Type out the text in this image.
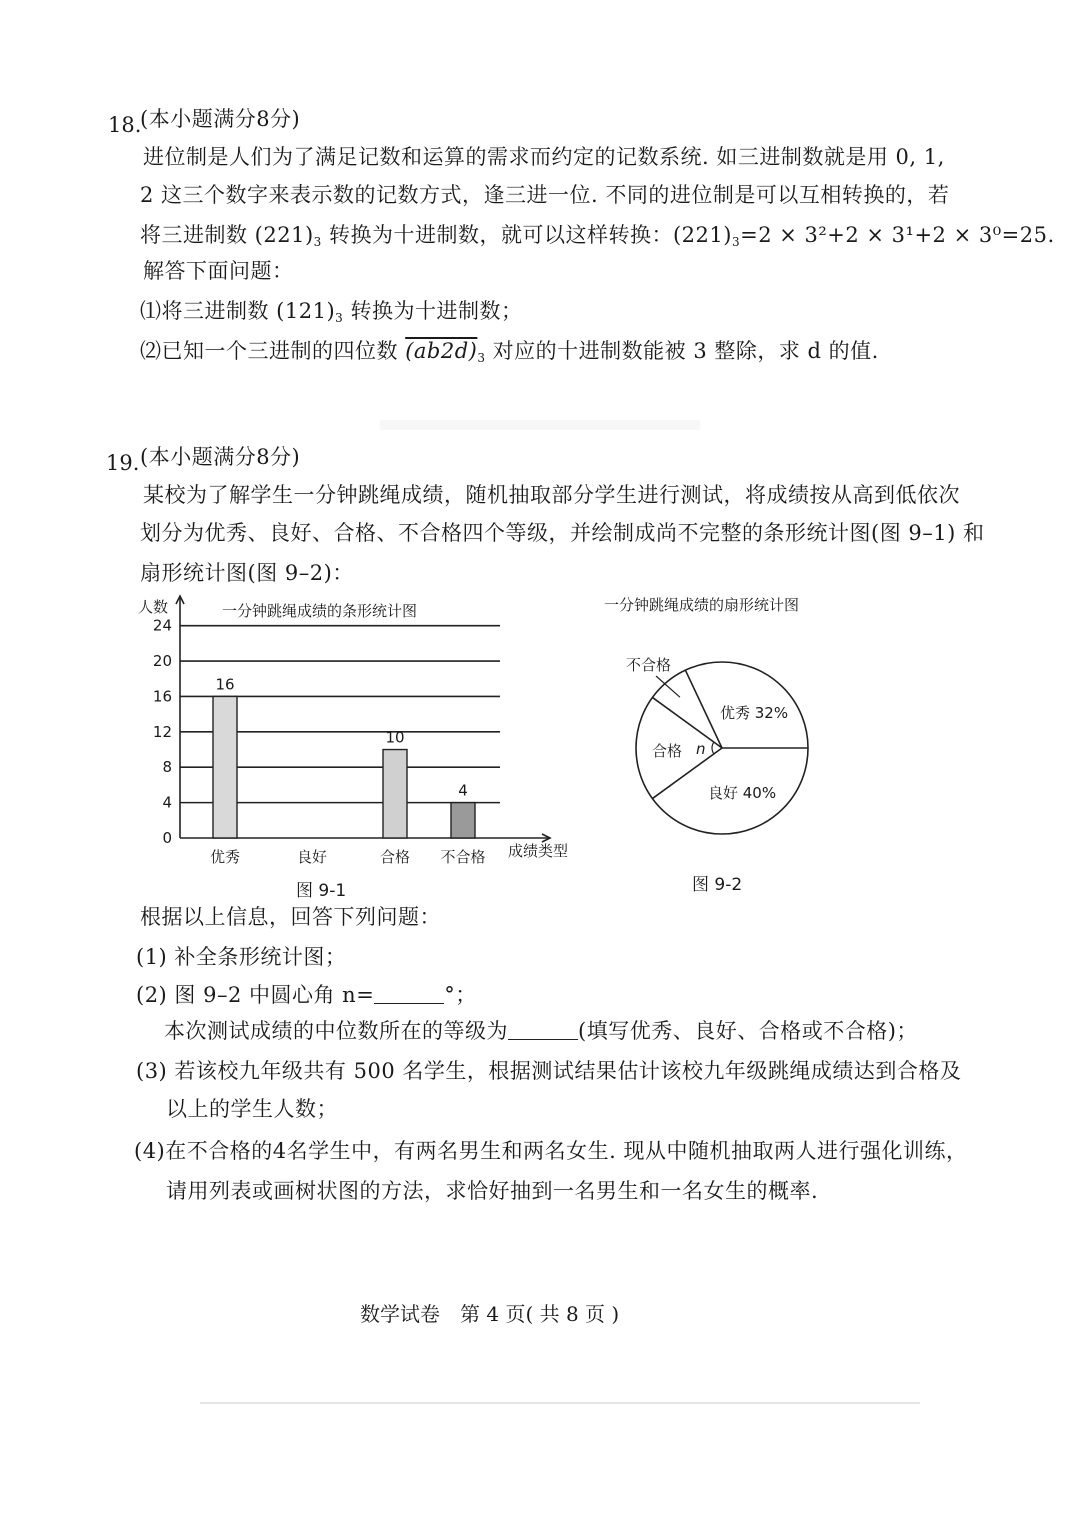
18.
(本小题满分8分)
进位制是人们为了满足记数和运算的需求而约定的记数系统. 如三进制数就是用 0, 1,
2 这三个数字来表示数的记数方式，逢三进一位. 不同的进位制是可以互相转换的，若
将三进制数 $(221)_3$ 转换为十进制数，就可以这样转换：$(221)_3=2 \times 3^2+2 \times 3^1+2 \times 3^0=25$.
解答下面问题：
⑴将三进制数 $(121)_3$ 转换为十进制数；
⑵已知一个三进制的四位数 $(ab2d)_3$ 对应的十进制数能被 3 整除，求 d 的值.
19. (本小题满分8分)
某校为了解学生一分钟跳绳成绩，随机抽取部分学生进行测试，将成绩按从高到低依次
划分为优秀、良好、合格、不合格四个等级，并绘制成尚不完整的条形统计图(图 9–1) 和
扇形统计图(图 9–2)：
0
4
8
12
16
20
24
人数	一分钟跳绳成绩的条形统计图
成绩类型
16
优秀	良好
10
合格
4
不合格
图 9-1
一分钟跳绳成绩的扇形统计图
优秀 32%
良好 40%
合格
不合格
n
图 9-2
根据以上信息，回答下列问题：
(1) 补全条形统计图；
(2) 图 9–2 中圆心角 n=	°；
本次测试成绩的中位数所在的等级为	(填写优秀、良好、合格或不合格)；
(3) 若该校九年级共有 500 名学生，根据测试结果估计该校九年级跳绳成绩达到合格及
以上的学生人数；
(4)在不合格的4名学生中，有两名男生和两名女生. 现从中随机抽取两人进行强化训练，
请用列表或画树状图的方法，求恰好抽到一名男生和一名女生的概率.
数学试卷　第 4 页( 共 8 页 )
